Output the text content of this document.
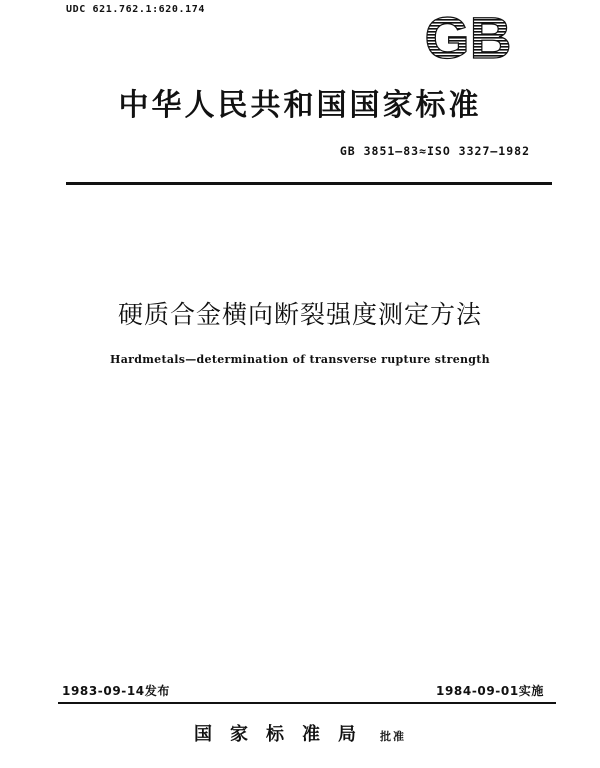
UDC 621.762.1:620.174	GB
中华人民共和国国家标准
GB 3851—83≈ISO 3327—1982
硬质合金横向断裂强度测定方法
Hardmetals—determination of transverse rupture strength
1983-09-14发布	1984-09-01实施
国家标准局 批准
